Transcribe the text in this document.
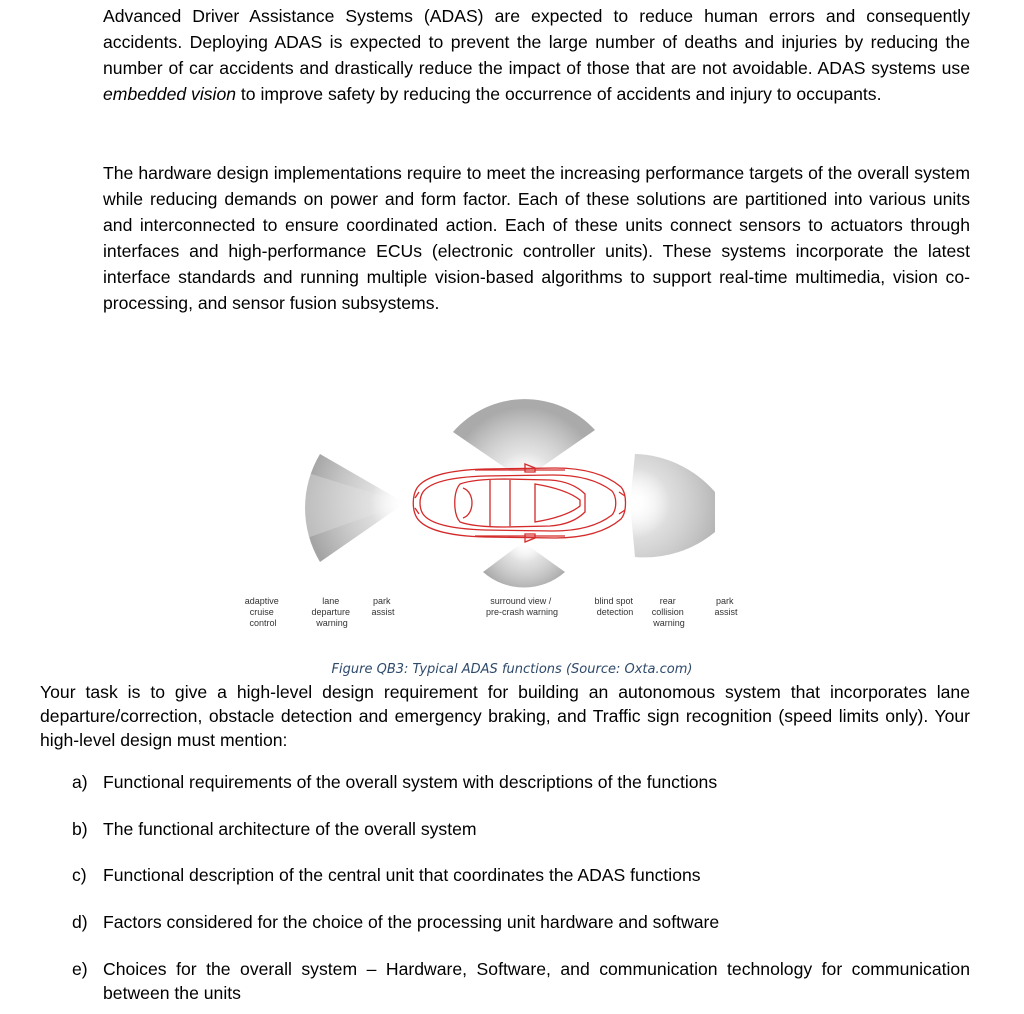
Advanced Driver Assistance Systems (ADAS) are expected to reduce human errors and consequently accidents. Deploying ADAS is expected to prevent the large number of deaths and injuries by reducing the number of car accidents and drastically reduce the impact of those that are not avoidable. ADAS systems use embedded vision to improve safety by reducing the occurrence of accidents and injury to occupants.

The hardware design implementations require to meet the increasing performance targets of the overall system while reducing demands on power and form factor. Each of these solutions are partitioned into various units and interconnected to ensure coordinated action. Each of these units connect sensors to actuators through interfaces and high-performance ECUs (electronic controller units). These systems incorporate the latest interface standards and running multiple vision-based algorithms to support real-time multimedia, vision co-processing, and sensor fusion subsystems.

adaptive cruise control
lane departure warning
park assist
surround view / pre-crash warning
blind spot detection
rear collision warning
park assist

Figure QB3: Typical ADAS functions (Source: Oxta.com)

Your task is to give a high-level design requirement for building an autonomous system that incorporates lane departure/correction, obstacle detection and emergency braking, and Traffic sign recognition (speed limits only). Your high-level design must mention:

a) Functional requirements of the overall system with descriptions of the functions

b) The functional architecture of the overall system

c) Functional description of the central unit that coordinates the ADAS functions

d) Factors considered for the choice of the processing unit hardware and software

e) Choices for the overall system – Hardware, Software, and communication technology for communication between the units
